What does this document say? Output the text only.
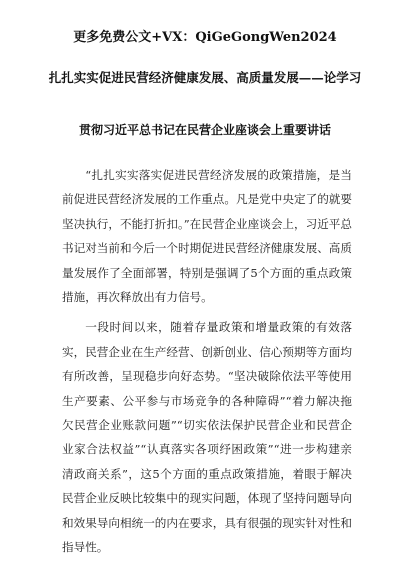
更多免费公文+VX：QiGeGongWen2024
扎扎实实促进民营经济健康发展、高质量发展——论学习
贯彻习近平总书记在民营企业座谈会上重要讲话

“扎扎实实落实促进民营经济发展的政策措施，是当前促进民营经济发展的工作重点。凡是党中央定了的就要坚决执行，不能打折扣。”在民营企业座谈会上，习近平总书记对当前和今后一个时期促进民营经济健康发展、高质量发展作了全面部署，特别是强调了5个方面的重点政策措施，再次释放出有力信号。

一段时间以来，随着存量政策和增量政策的有效落实，民营企业在生产经营、创新创业、信心预期等方面均有所改善，呈现稳步向好态势。“坚决破除依法平等使用生产要素、公平参与市场竞争的各种障碍”“着力解决拖欠民营企业账款问题”“切实依法保护民营企业和民营企业家合法权益”“认真落实各项纾困政策”“进一步构建亲清政商关系”，这5个方面的重点政策措施，着眼于解决民营企业反映比较集中的现实问题，体现了坚持问题导向和效果导向相统一的内在要求，具有很强的现实针对性和指导性。
